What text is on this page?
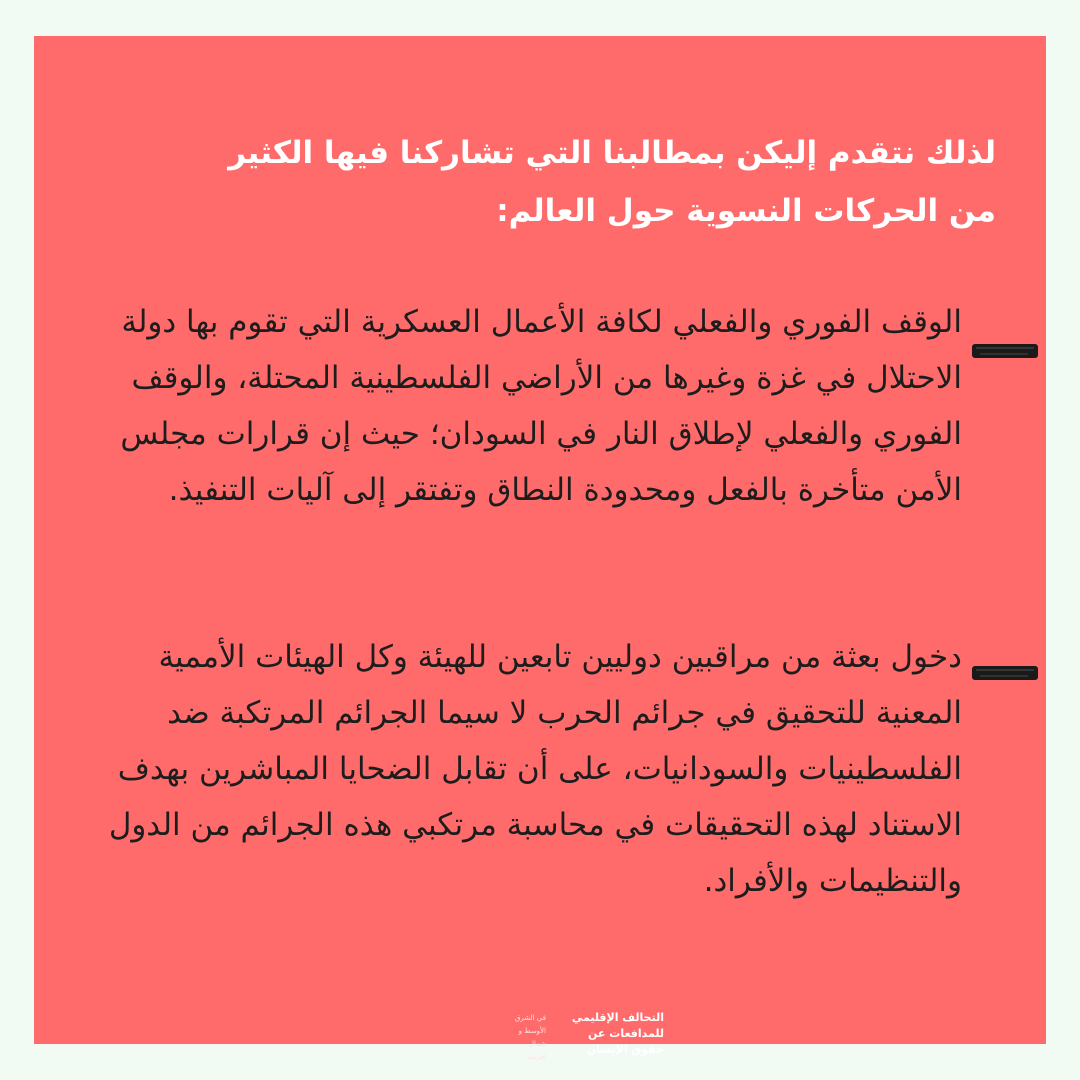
لذلك نتقدم إليكن بمطالبنا التي تشاركنا فيها الكثير
من الحركات النسوية حول العالم:
الوقف الفوري والفعلي لكافة الأعمال العسكرية التي تقوم بها دولة الاحتلال في غزة وغيرها من الأراضي الفلسطينية المحتلة، والوقف الفوري والفعلي لإطلاق النار في السودان؛ حيث إن قرارات مجلس الأمن متأخرة بالفعل ومحدودة النطاق وتفتقر إلى آليات التنفيذ.
دخول بعثة من مراقبين دوليين تابعين للهيئة وكل الهيئات الأممية المعنية للتحقيق في جرائم الحرب لا سيما الجرائم المرتكبة ضد الفلسطينيات والسودانيات، على أن تقابل الضحايا المباشرين بهدف الاستناد لهذه التحقيقات في محاسبة مرتكبي هذه الجرائم من الدول والتنظيمات والأفراد.
التحالف الإقليمي
للمدافعات عن
حقوق الإنسان
في الشرق
الأوسط و
شمال
إفريقيا
